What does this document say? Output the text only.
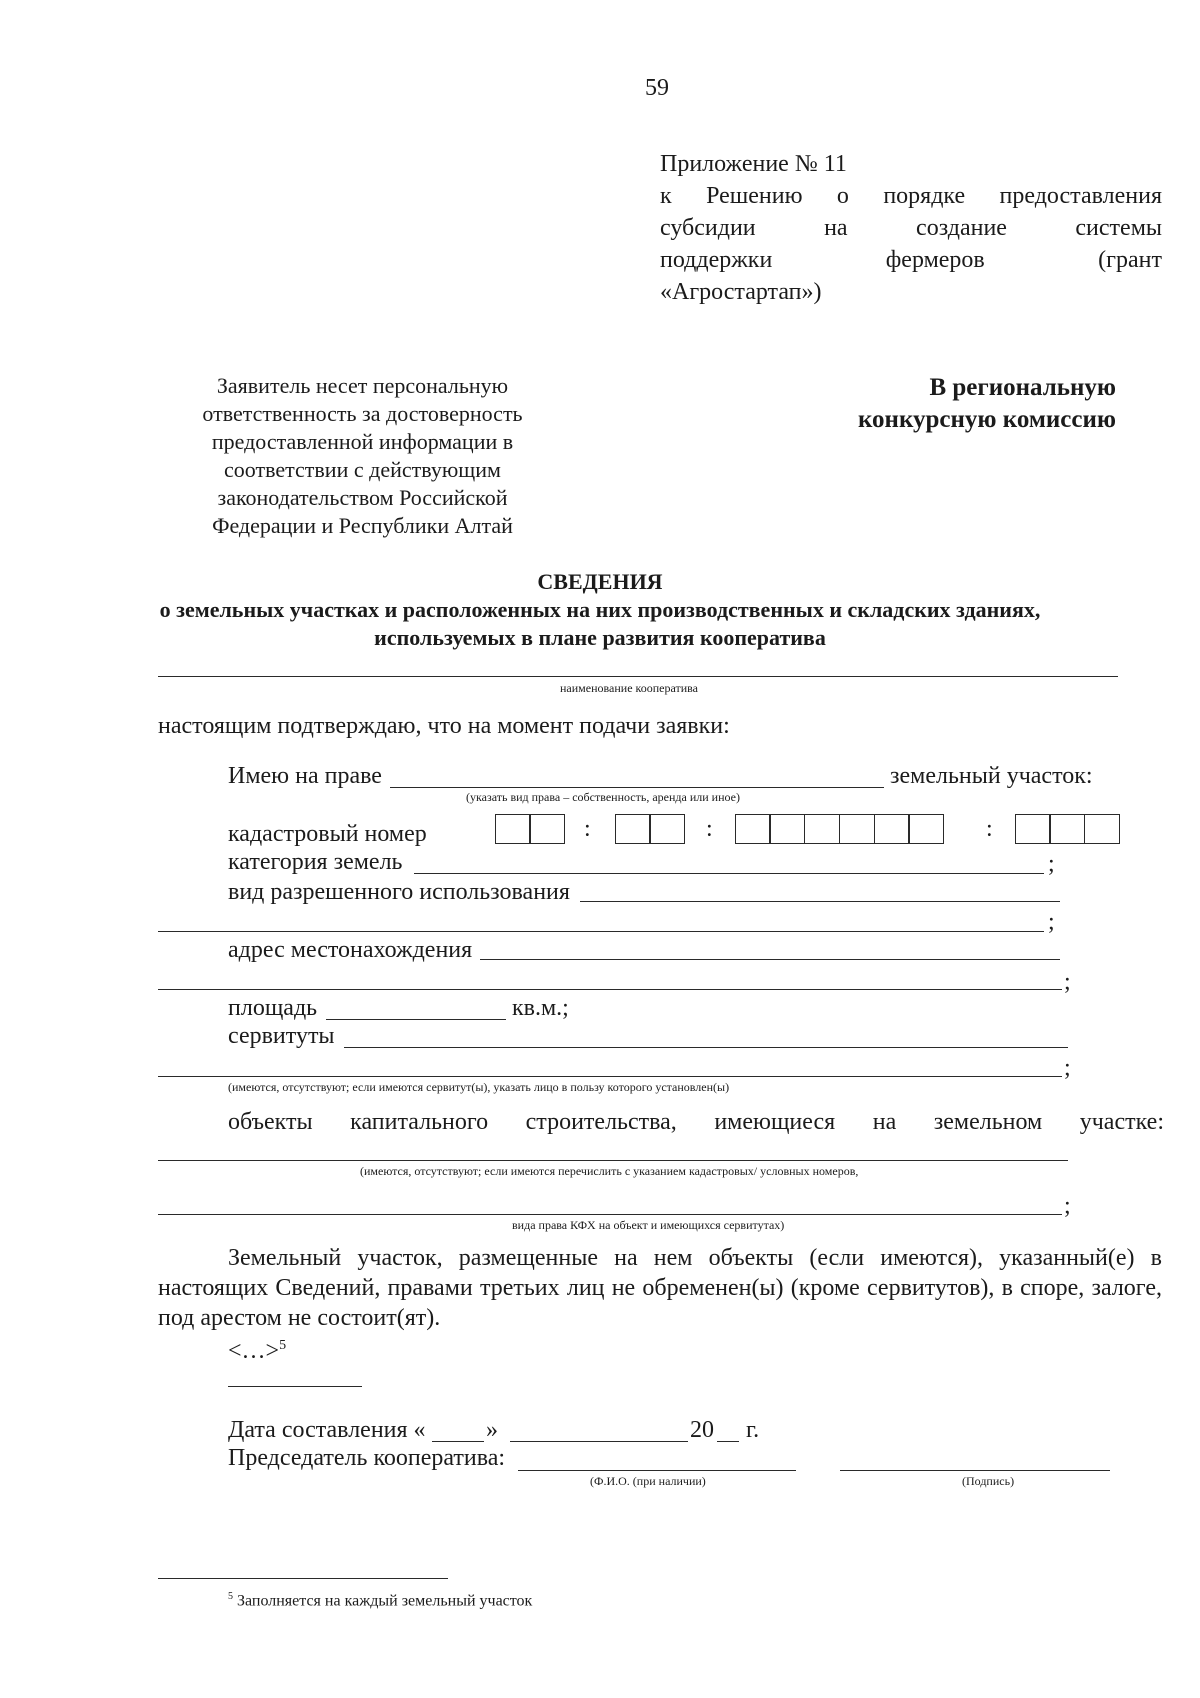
59
Приложение № 11
к Решению о порядке предоставления
субсидии на создание системы
поддержки фермеров (грант
«Агростартап»)
Заявитель несет персональную
ответственность за достоверность
предоставленной информации в
соответствии с действующим
законодательством Российской
Федерации и Республики Алтай
В региональную
конкурсную комиссию
СВЕДЕНИЯ
о земельных участках и расположенных на них производственных и складских зданиях,
используемых в плане развития кооператива
наименование кооператива
настоящим подтверждаю, что на момент подачи заявки:
Имею на праве	земельный участок:
(указать вид права – собственность, аренда или иное)
кадастровый номер	:	:	:
категория земель	;
вид разрешенного использования
;
адрес местонахождения
;
площадь	кв.м.;
сервитуты
;
(имеются, отсутствуют; если имеются сервитут(ы), указать лицо в пользу которого установлен(ы)
объекты капитального строительства, имеющиеся на земельном участке:
(имеются, отсутствуют; если имеются перечислить с указанием кадастровых/ условных номеров,
;
вида права КФХ на объект и имеющихся сервитутах)
Земельный участок, размещенные на нем объекты (если имеются), указанный(е) в
настоящих Сведений, правами третьих лиц не обременен(ы) (кроме сервитутов), в споре, залоге,
под арестом не состоит(ят).
<…>$^5$
Дата составления «	»	20 г.
Председатель кооператива:
(Ф.И.О. (при наличии)	(Подпись)
$^5$ Заполняется на каждый земельный участок
